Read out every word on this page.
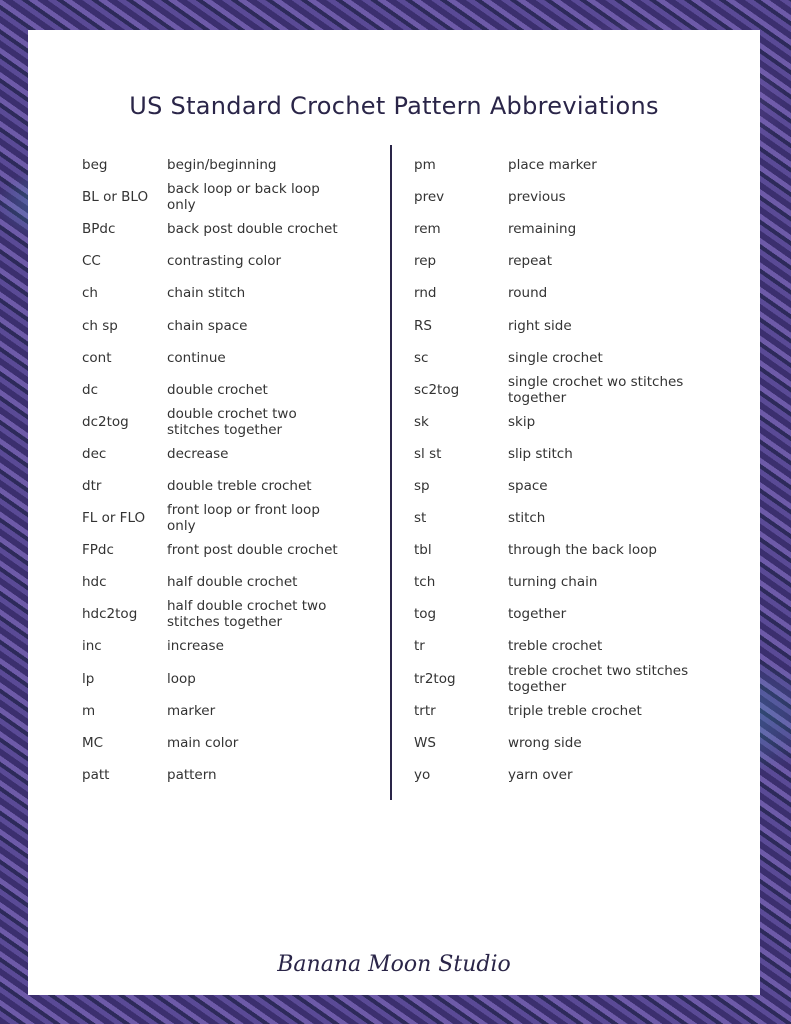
US Standard Crochet Pattern Abbreviations
beg	begin/beginning
BL or BLO	back loop or back loop only
BPdc	back post double crochet
CC	contrasting color
ch	chain stitch
ch sp	chain space
cont	continue
dc	double crochet
dc2tog	double crochet two stitches together
dec	decrease
dtr	double treble crochet
FL or FLO	front loop or front loop only
FPdc	front post double crochet
hdc	half double crochet
hdc2tog	half double crochet two stitches together
inc	increase
lp	loop
m	marker
MC	main color
patt	pattern
pm	place marker
prev	previous
rem	remaining
rep	repeat
rnd	round
RS	right side
sc	single crochet
sc2tog	single crochet wo stitches together
sk	skip
sl st	slip stitch
sp	space
st	stitch
tbl	through the back loop
tch	turning chain
tog	together
tr	treble crochet
tr2tog	treble crochet two stitches together
trtr	triple treble crochet
WS	wrong side
yo	yarn over
Banana Moon Studio
